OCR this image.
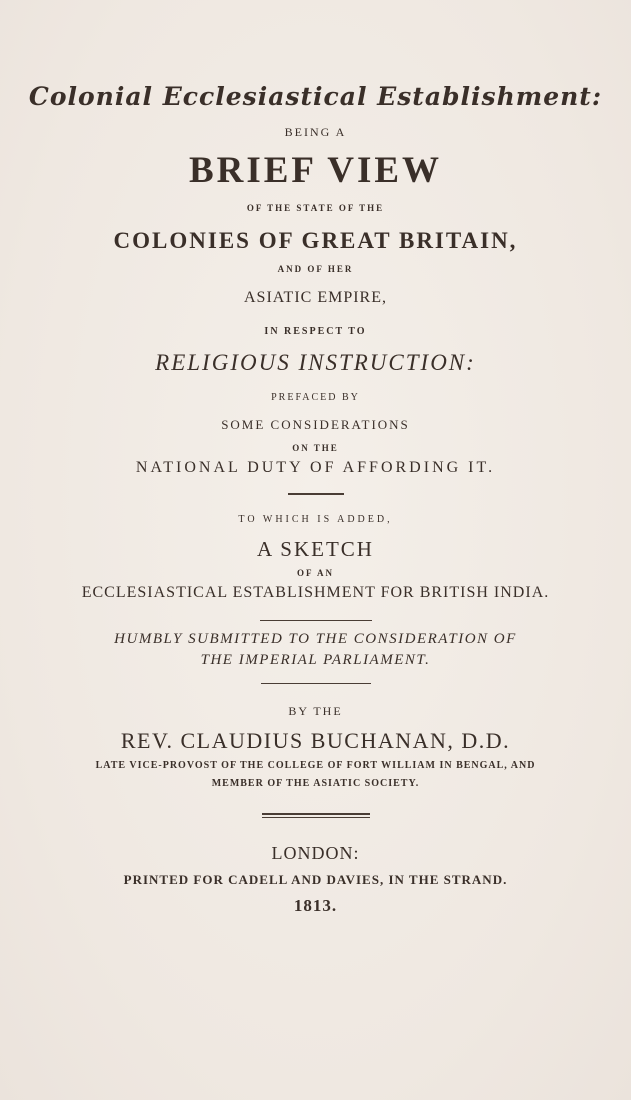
Colonial Ecclesiastical Establishment:
BEING A
BRIEF VIEW
OF THE STATE OF THE
COLONIES OF GREAT BRITAIN,
AND OF HER
ASIATIC EMPIRE,
IN RESPECT TO
RELIGIOUS INSTRUCTION:
PREFACED BY
SOME CONSIDERATIONS
ON THE
NATIONAL DUTY OF AFFORDING IT.
TO WHICH IS ADDED,
A SKETCH
OF AN
ECCLESIASTICAL ESTABLISHMENT FOR BRITISH INDIA.
HUMBLY SUBMITTED TO THE CONSIDERATION OF
THE IMPERIAL PARLIAMENT.
BY THE
REV. CLAUDIUS BUCHANAN, D.D.
LATE VICE-PROVOST OF THE COLLEGE OF FORT WILLIAM IN BENGAL, AND
MEMBER OF THE ASIATIC SOCIETY.
LONDON:
PRINTED FOR CADELL AND DAVIES, IN THE STRAND.
1813.
